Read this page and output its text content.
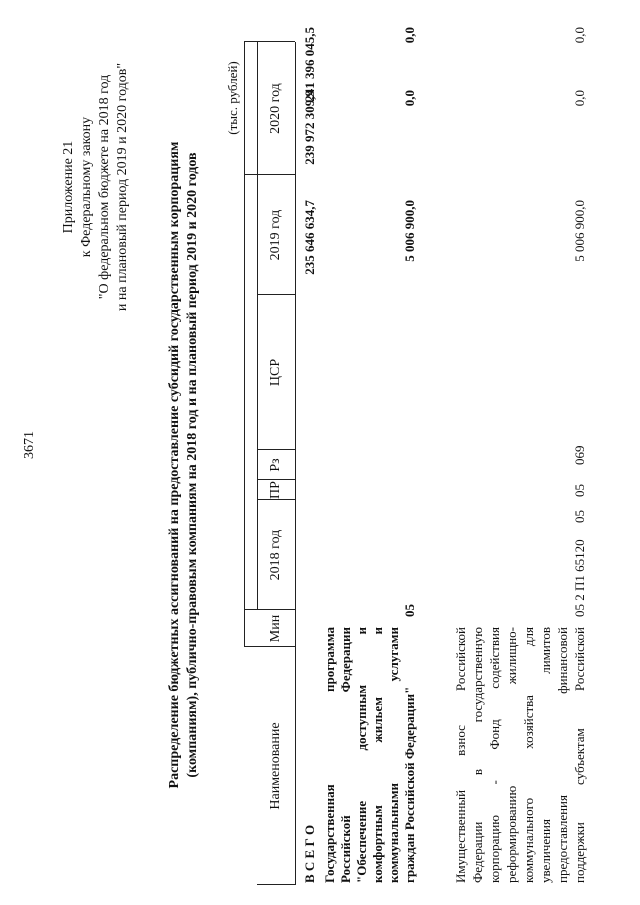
3671
Приложение 21 к Федеральному закону "О федеральном бюджете на 2018 год и на плановый период 2019 и 2020 годов"	Распределение бюджетных ассигнований на предоставление субсидий государственным корпорациям (компаниям), публично-правовым компаниям на 2018 год и на плановый период 2019 и 2020 годов
(тыс. рублей)
Наименование
Мин
2018 год
ПР
Рз
ЦСР
2019 год
2020 год
В С Е Г О
235 646 634,7
239 972 309,9
241 396 045,5
Государственная программа Российской Федерации "Обеспечение доступным и комфортным жильем и коммунальными услугами граждан Российской Федерации"
05
5 006 900,0
0,0
0,0
Имущественный взнос Российской Федерации в государственную корпорацию - Фонд содействия реформированию жилищно- коммунального хозяйства для увеличения лимитов предоставления финансовой поддержки субъектам Российской
05 2 П1 65120
05
05
069
5 006 900,0
0,0
0,0
